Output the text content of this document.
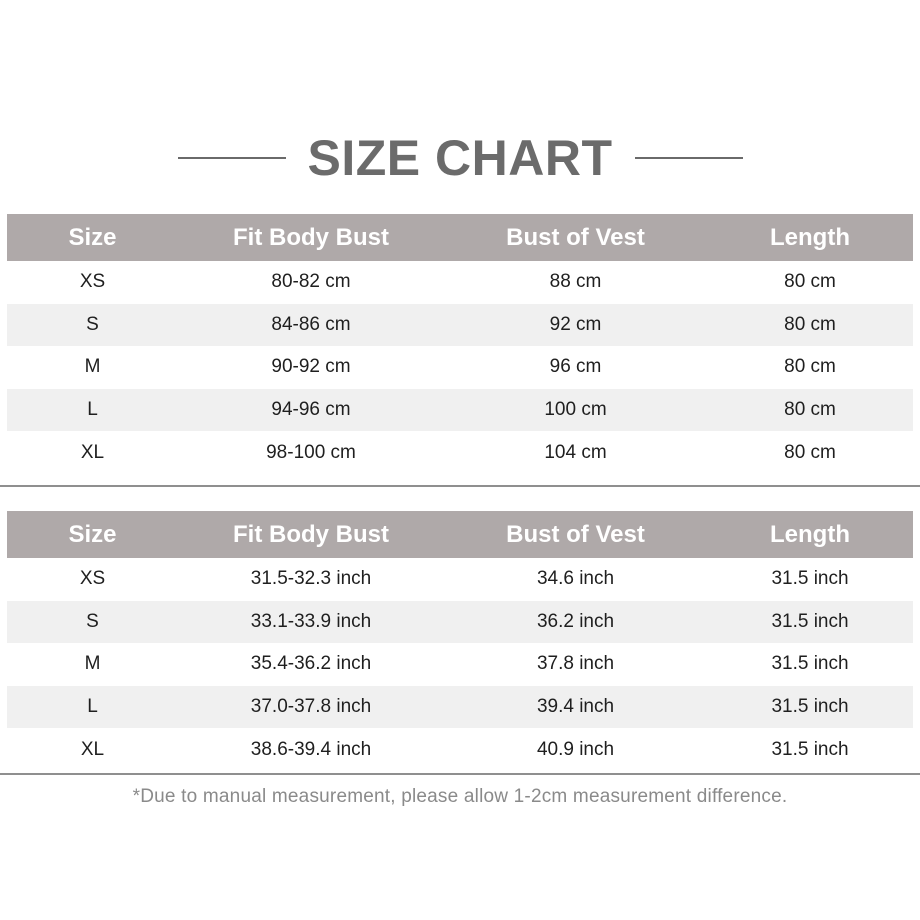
SIZE CHART
Size	Fit Body Bust	Bust of Vest	Length
XS	80-82 cm	88 cm	80 cm
S	84-86 cm	92 cm	80 cm
M	90-92 cm	96 cm	80 cm
L	94-96 cm	100 cm	80 cm
XL	98-100 cm	104 cm	80 cm
Size	Fit Body Bust	Bust of Vest	Length
XS	31.5-32.3 inch	34.6 inch	31.5 inch
S	33.1-33.9 inch	36.2 inch	31.5 inch
M	35.4-36.2 inch	37.8 inch	31.5 inch
L	37.0-37.8 inch	39.4 inch	31.5 inch
XL	38.6-39.4 inch	40.9 inch	31.5 inch
*Due to manual measurement, please allow 1-2cm measurement difference.
